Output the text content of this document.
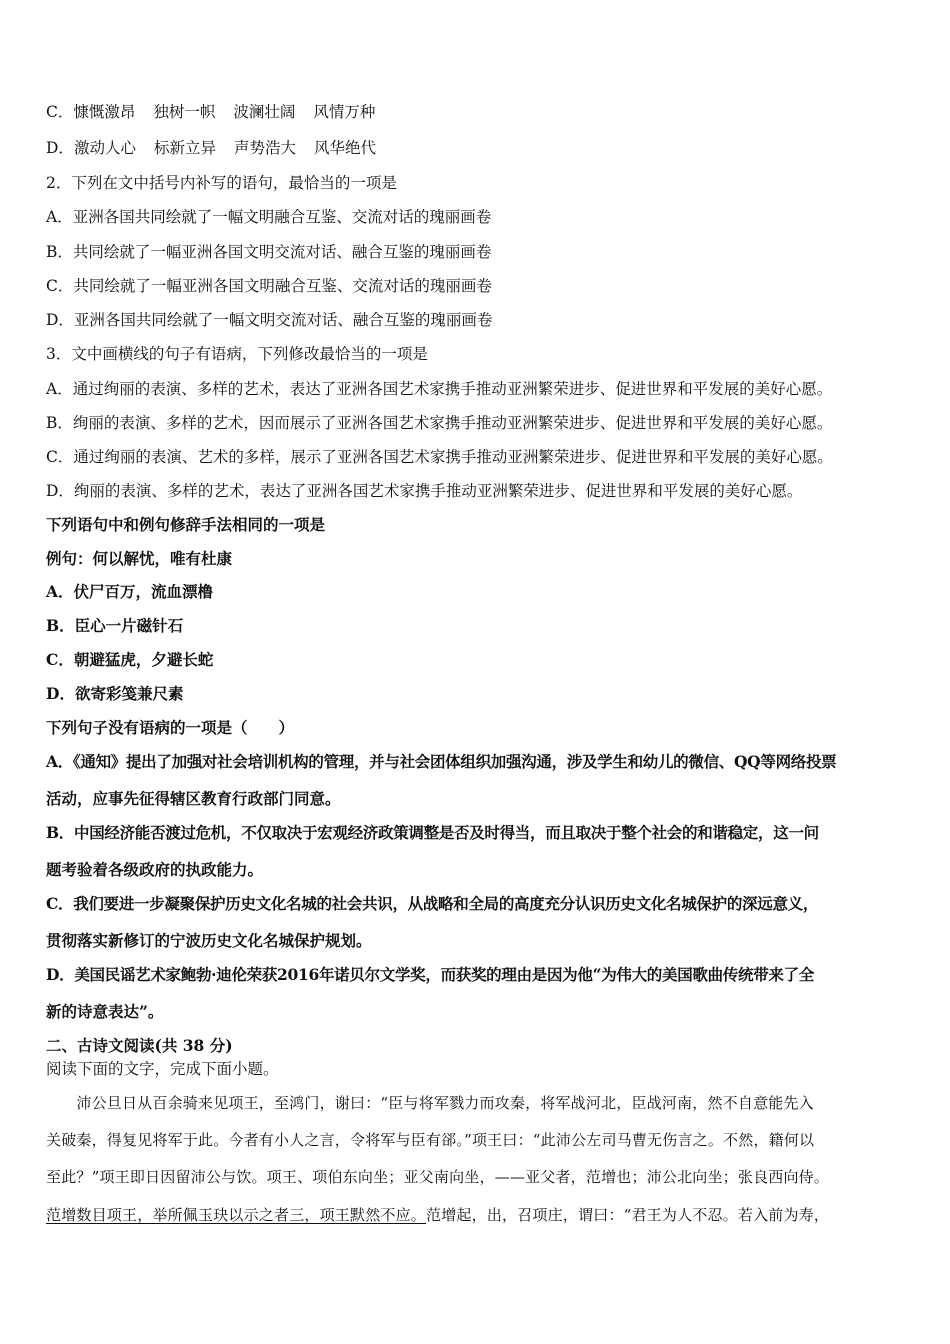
C．慷慨激昂 独树一帜 波澜壮阔 风情万种
D．激动人心 标新立异 声势浩大 风华绝代
2．下列在文中括号内补写的语句，最恰当的一项是
A．亚洲各国共同绘就了一幅文明融合互鉴、交流对话的瑰丽画卷
B．共同绘就了一幅亚洲各国文明交流对话、融合互鉴的瑰丽画卷
C．共同绘就了一幅亚洲各国文明融合互鉴、交流对话的瑰丽画卷
D．亚洲各国共同绘就了一幅文明交流对话、融合互鉴的瑰丽画卷
3．文中画横线的句子有语病，下列修改最恰当的一项是
A．通过绚丽的表演、多样的艺术，表达了亚洲各国艺术家携手推动亚洲繁荣进步、促进世界和平发展的美好心愿。
B．绚丽的表演、多样的艺术，因而展示了亚洲各国艺术家携手推动亚洲繁荣进步、促进世界和平发展的美好心愿。
C．通过绚丽的表演、艺术的多样，展示了亚洲各国艺术家携手推动亚洲繁荣进步、促进世界和平发展的美好心愿。
D．绚丽的表演、多样的艺术，表达了亚洲各国艺术家携手推动亚洲繁荣进步、促进世界和平发展的美好心愿。
下列语句中和例句修辞手法相同的一项是
例句：何以解忧，唯有杜康
A．伏尸百万，流血漂橹
B．臣心一片磁针石
C．朝避猛虎，夕避长蛇
D．欲寄彩笺兼尺素
下列句子没有语病的一项是（　　）
A．《通知》提出了加强对社会培训机构的管理，并与社会团体组织加强沟通，涉及学生和幼儿的微信、QQ等网络投票
活动，应事先征得辖区教育行政部门同意。
B．中国经济能否渡过危机，不仅取决于宏观经济政策调整是否及时得当，而且取决于整个社会的和谐稳定，这一问
题考验着各级政府的执政能力。
C．我们要进一步凝聚保护历史文化名城的社会共识，从战略和全局的高度充分认识历史文化名城保护的深远意义，
贯彻落实新修订的宁波历史文化名城保护规划。
D．美国民谣艺术家鲍勃·迪伦荣获2016年诺贝尔文学奖，而获奖的理由是因为他“为伟大的美国歌曲传统带来了全
新的诗意表达”。
二、古诗文阅读(共 38 分)
阅读下面的文字，完成下面小题。
　　沛公旦日从百余骑来见项王，至鸿门，谢曰：“臣与将军戮力而攻秦，将军战河北，臣战河南，然不自意能先入
关破秦，得复见将军于此。今者有小人之言，令将军与臣有郤。”项王曰：“此沛公左司马曹无伤言之。不然，籍何以
至此？”项王即日因留沛公与饮。项王、项伯东向坐；亚父南向坐，——亚父者，范增也；沛公北向坐；张良西向侍。
范增数目项王，举所佩玉玦以示之者三，项王默然不应。范增起，出，召项庄，谓曰：“君王为人不忍。若入前为寿，
